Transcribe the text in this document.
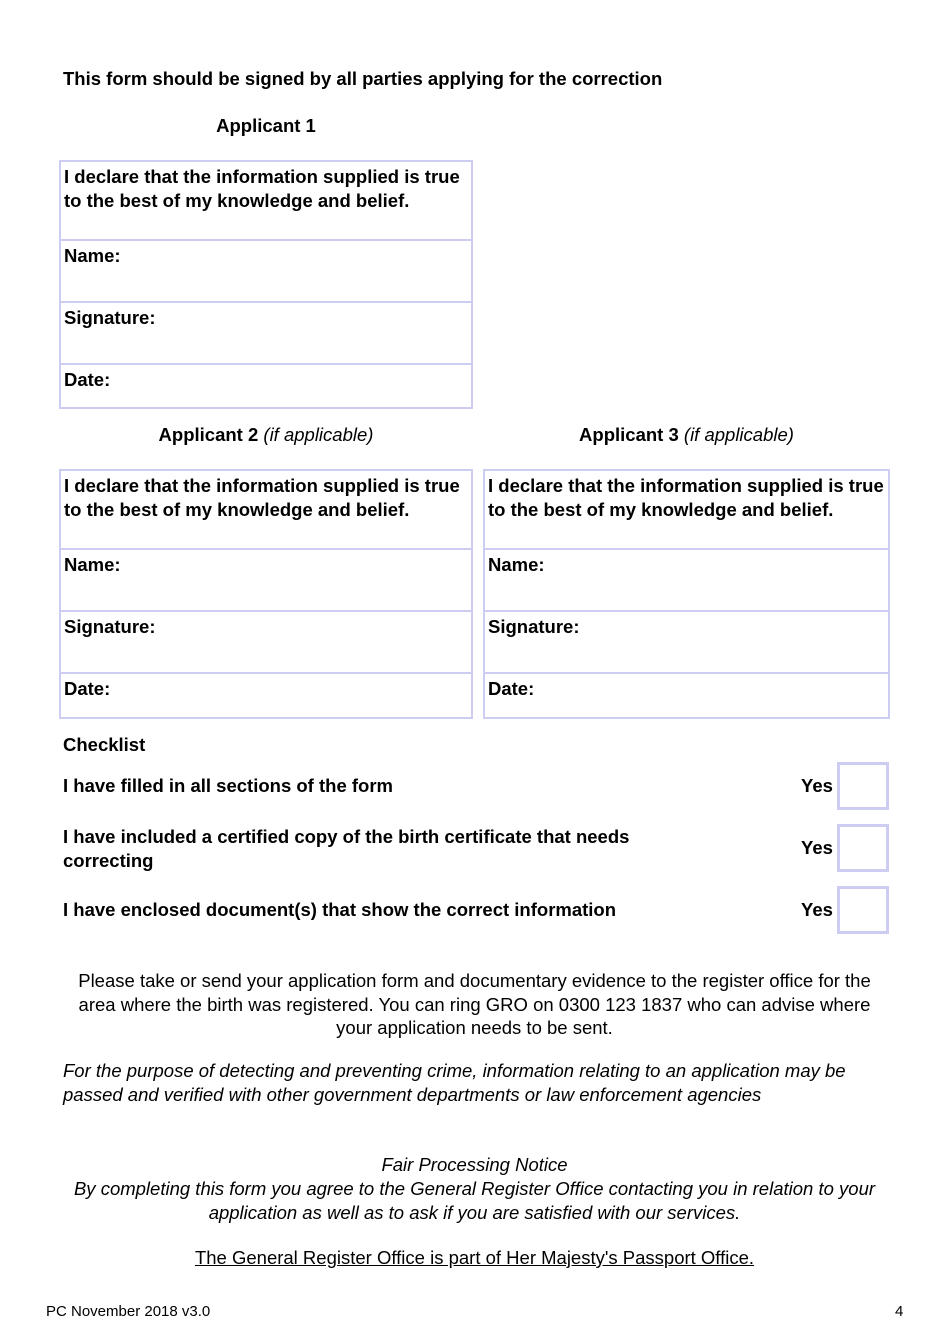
This form should be signed by all parties applying for the correction
Applicant 1
I declare that the information supplied is true to the best of my knowledge and belief.
Name:
Signature:
Date:
Applicant 2 (if applicable)
I declare that the information supplied is true to the best of my knowledge and belief.
Name:
Signature:
Date:
Applicant 3 (if applicable)
I declare that the information supplied is true to the best of my knowledge and belief.
Name:
Signature:
Date:
Checklist
I have filled in all sections of the form	Yes
I have included a certified copy of the birth certificate that needs correcting
Yes
I have enclosed document(s) that show the correct information	Yes
Please take or send your application form and documentary evidence to the register office for the area where the birth was registered. You can ring GRO on 0300 123 1837 who can advise where your application needs to be sent.
For the purpose of detecting and preventing crime, information relating to an application may be passed and verified with other government departments or law enforcement agencies
Fair Processing Notice
By completing this form you agree to the General Register Office contacting you in relation to your application as well as to ask if you are satisfied with our services.
The General Register Office is part of Her Majesty's Passport Office.
PC November 2018 v3.0	4
